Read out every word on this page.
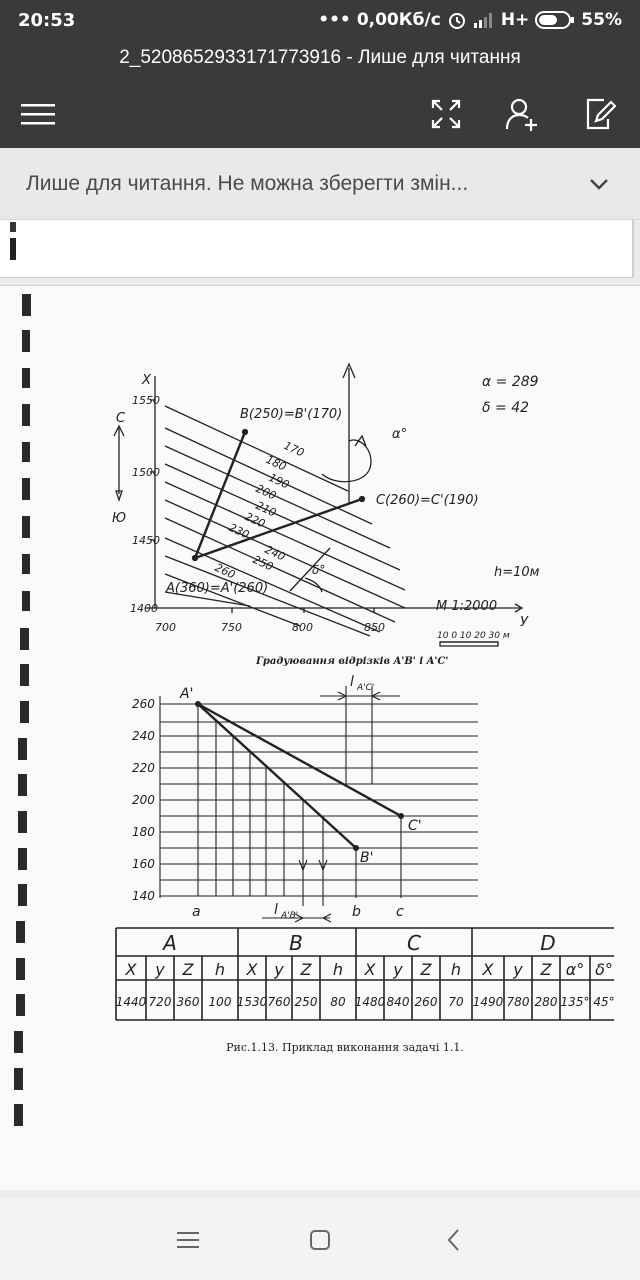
20:53	••• 0,00Кб/с	H+	55%
2_5208652933171773916 - Лише для читання
Лише для читання. Не можна зберегти змін...
X
У
С
Ю
1550
1500
1450
1400
700	750	800	850
B(250)=B'(170)
C(260)=C'(190)
A(360)=A'(260)
α = 289
δ = 42
α°
δ°
170
180
190
200
210
220
230
240
250
260	h=10м
М 1:2000
10 0 10 20 30 м
Градуювання відрізків A'B' і A'C'
260
240
220
200
180
160
140
A'
B'
C'
l A'C'
l A'B'
a	b	c
A	B	C	D
X y Z h X y Z h X y Z h X y Z α° δ°
1440 720 360 100 1530 760 250 80 1480 840 260 70 1490 780 280 135° 45°
Рис.1.13. Приклад виконання задачі 1.1.
